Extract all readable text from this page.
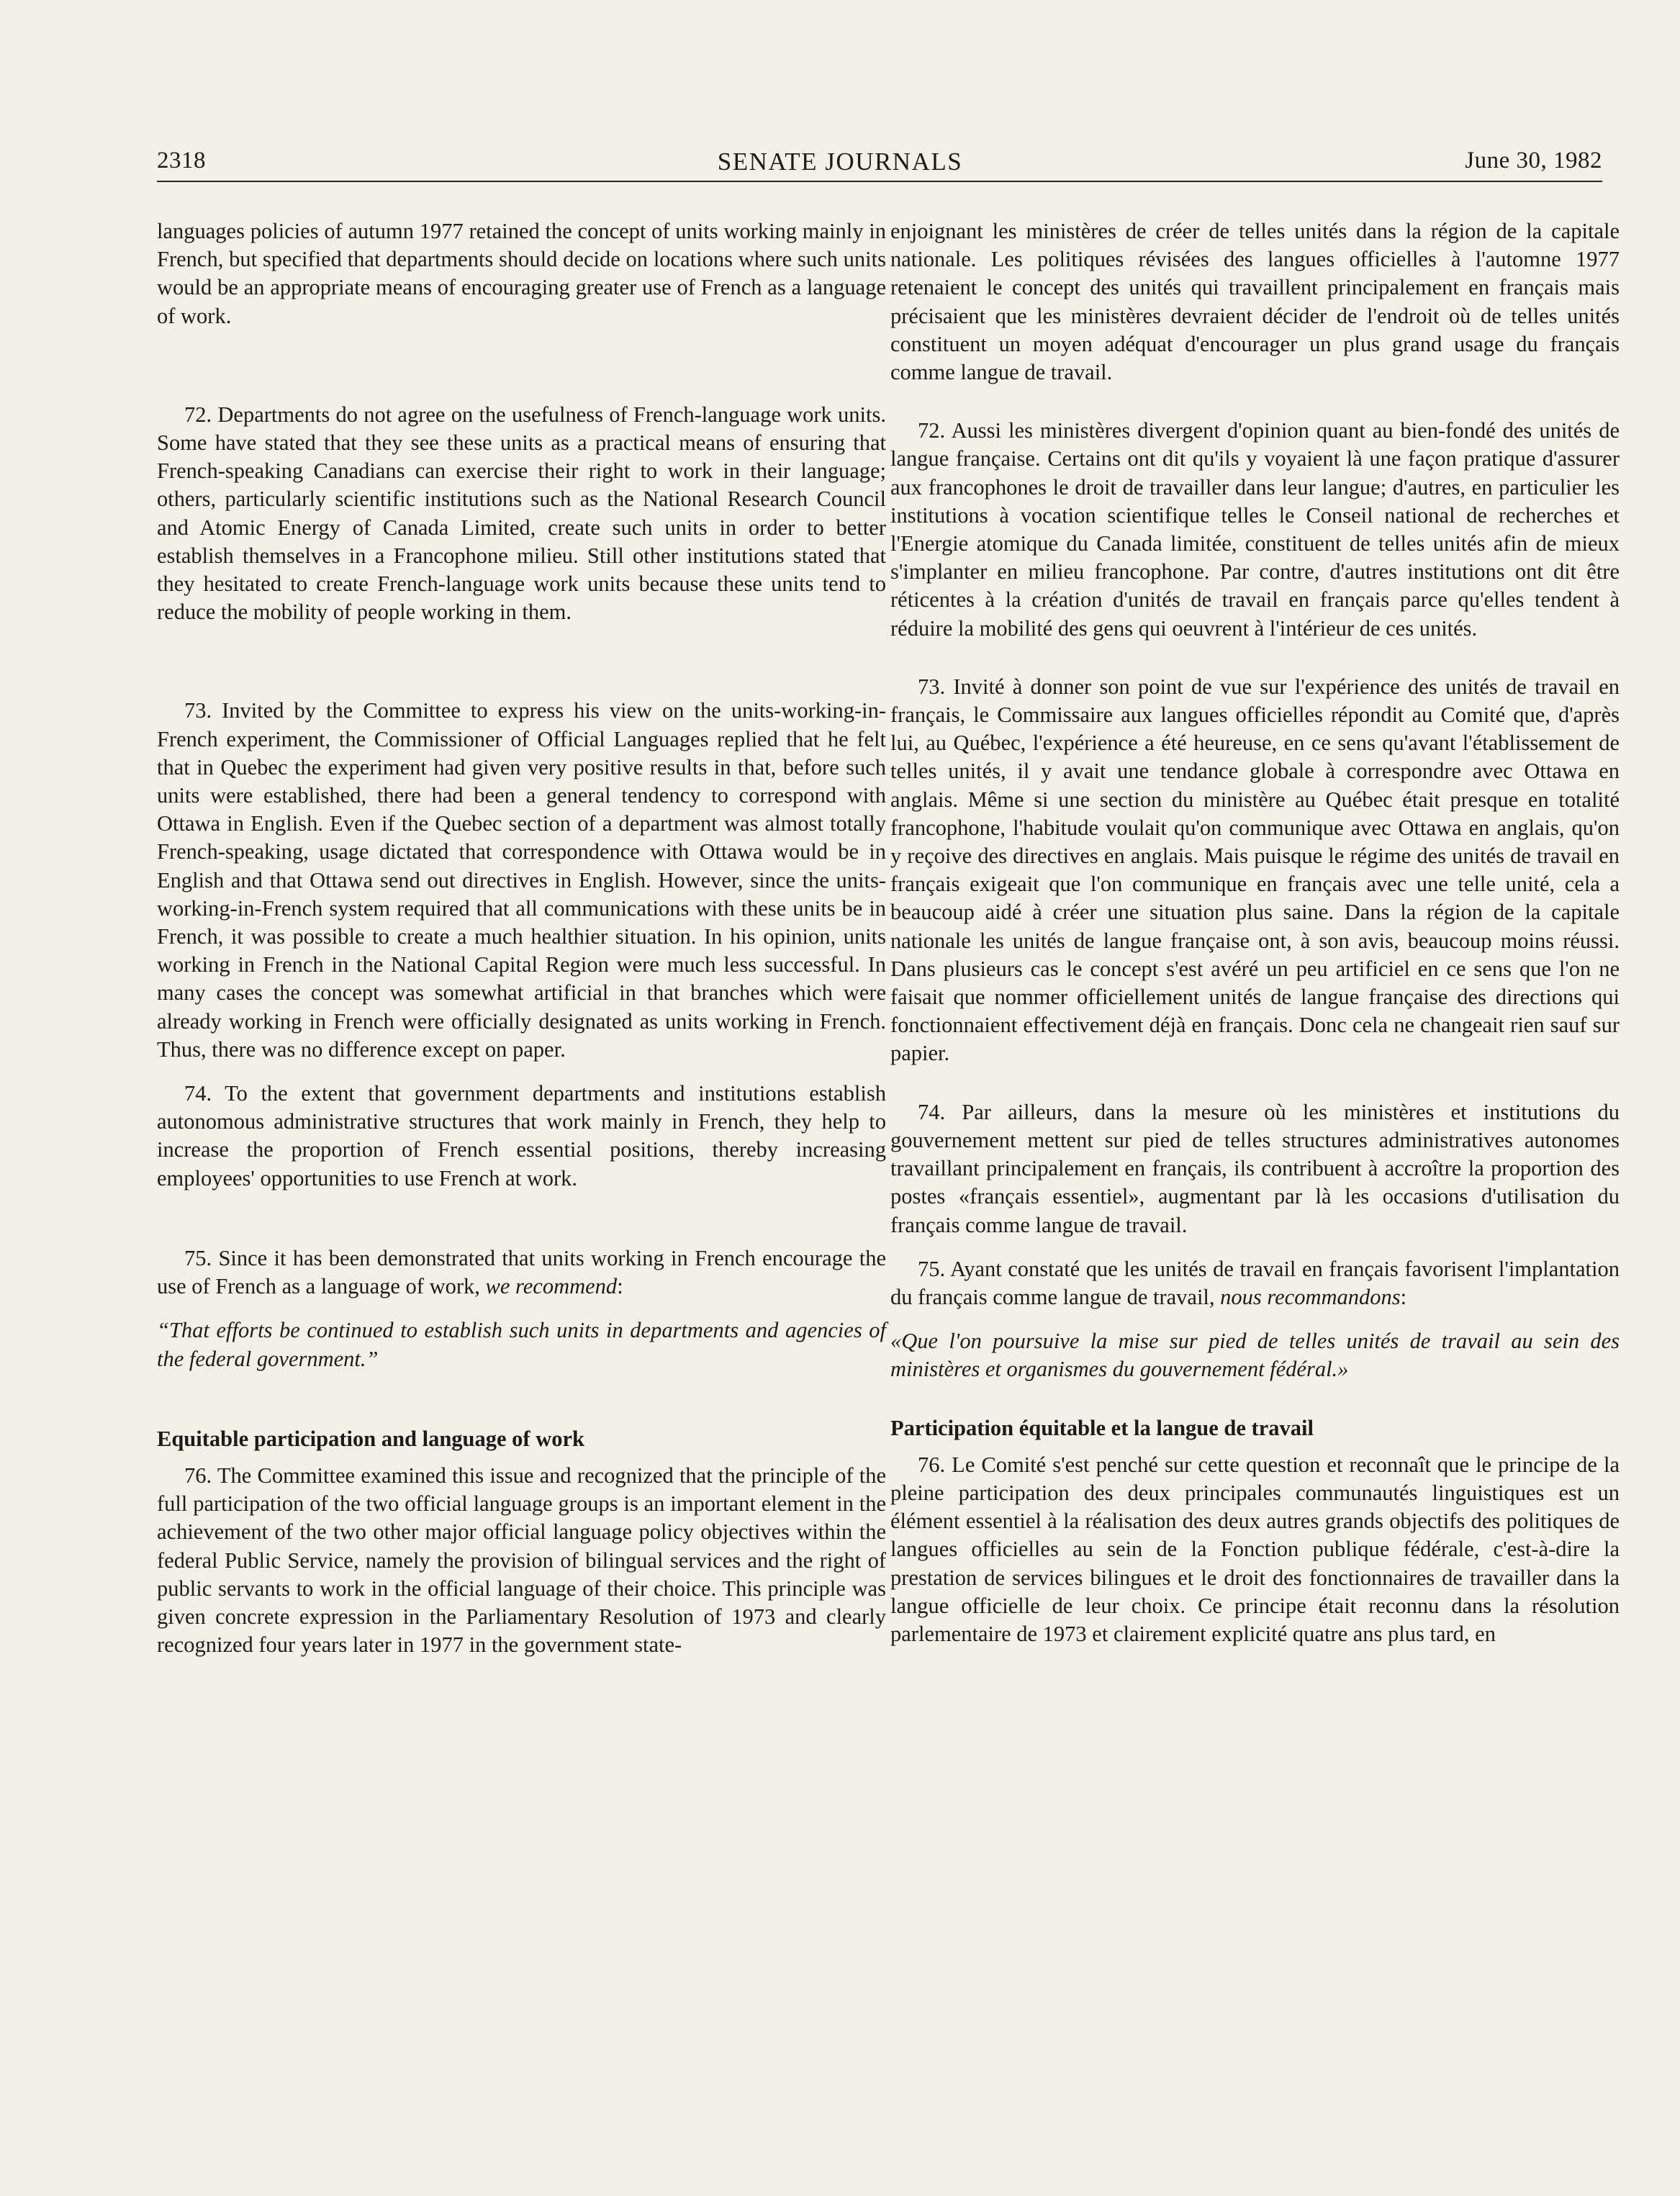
2318	SENATE JOURNALS	June 30, 1982

languages policies of autumn 1977 retained the concept of units working mainly in French, but specified that departments should decide on locations where such units would be an appropriate means of encouraging greater use of French as a language of work.

72. Departments do not agree on the usefulness of French-language work units. Some have stated that they see these units as a practical means of ensuring that French-speaking Canadians can exercise their right to work in their language; others, particularly scientific institutions such as the National Research Council and Atomic Energy of Canada Limited, create such units in order to better establish themselves in a Francophone milieu. Still other institutions stated that they hesitated to create French-language work units because these units tend to reduce the mobility of people working in them.

73. Invited by the Committee to express his view on the units-working-in-French experiment, the Commissioner of Official Languages replied that he felt that in Quebec the experiment had given very positive results in that, before such units were established, there had been a general tendency to correspond with Ottawa in English. Even if the Quebec section of a department was almost totally French-speaking, usage dictated that correspondence with Ottawa would be in English and that Ottawa send out directives in English. However, since the units-working-in-French system required that all communications with these units be in French, it was possible to create a much healthier situation. In his opinion, units working in French in the National Capital Region were much less successful. In many cases the concept was somewhat artificial in that branches which were already working in French were officially designated as units working in French. Thus, there was no difference except on paper.

74. To the extent that government departments and institutions establish autonomous administrative structures that work mainly in French, they help to increase the proportion of French essential positions, thereby increasing employees' opportunities to use French at work.

75. Since it has been demonstrated that units working in French encourage the use of French as a language of work, we recommend:

“That efforts be continued to establish such units in departments and agencies of the federal government.”

Equitable participation and language of work

76. The Committee examined this issue and recognized that the principle of the full participation of the two official language groups is an important element in the achievement of the two other major official language policy objectives within the federal Public Service, namely the provision of bilingual services and the right of public servants to work in the official language of their choice. This principle was given concrete expression in the Parliamentary Resolution of 1973 and clearly recognized four years later in 1977 in the government state-

enjoignant les ministères de créer de telles unités dans la région de la capitale nationale. Les politiques révisées des langues officielles à l'automne 1977 retenaient le concept des unités qui travaillent principalement en français mais précisaient que les ministères devraient décider de l'endroit où de telles unités constituent un moyen adéquat d'encourager un plus grand usage du français comme langue de travail.

72. Aussi les ministères divergent d'opinion quant au bien-fondé des unités de langue française. Certains ont dit qu'ils y voyaient là une façon pratique d'assurer aux francophones le droit de travailler dans leur langue; d'autres, en particulier les institutions à vocation scientifique telles le Conseil national de recherches et l'Energie atomique du Canada limitée, constituent de telles unités afin de mieux s'implanter en milieu francophone. Par contre, d'autres institutions ont dit être réticentes à la création d'unités de travail en français parce qu'elles tendent à réduire la mobilité des gens qui oeuvrent à l'intérieur de ces unités.

73. Invité à donner son point de vue sur l'expérience des unités de travail en français, le Commissaire aux langues officielles répondit au Comité que, d'après lui, au Québec, l'expérience a été heureuse, en ce sens qu'avant l'établissement de telles unités, il y avait une tendance globale à correspondre avec Ottawa en anglais. Même si une section du ministère au Québec était presque en totalité francophone, l'habitude voulait qu'on communique avec Ottawa en anglais, qu'on y reçoive des directives en anglais. Mais puisque le régime des unités de travail en français exigeait que l'on communique en français avec une telle unité, cela a beaucoup aidé à créer une situation plus saine. Dans la région de la capitale nationale les unités de langue française ont, à son avis, beaucoup moins réussi. Dans plusieurs cas le concept s'est avéré un peu artificiel en ce sens que l'on ne faisait que nommer officiellement unités de langue française des directions qui fonctionnaient effectivement déjà en français. Donc cela ne changeait rien sauf sur papier.

74. Par ailleurs, dans la mesure où les ministères et institutions du gouvernement mettent sur pied de telles structures administratives autonomes travaillant principalement en français, ils contribuent à accroître la proportion des postes «français essentiel», augmentant par là les occasions d'utilisation du français comme langue de travail.

75. Ayant constaté que les unités de travail en français favorisent l'implantation du français comme langue de travail, nous recommandons:

«Que l'on poursuive la mise sur pied de telles unités de travail au sein des ministères et organismes du gouvernement fédéral.»

Participation équitable et la langue de travail

76. Le Comité s'est penché sur cette question et reconnaît que le principe de la pleine participation des deux principales communautés linguistiques est un élément essentiel à la réalisation des deux autres grands objectifs des politiques de langues officielles au sein de la Fonction publique fédérale, c'est-à-dire la prestation de services bilingues et le droit des fonctionnaires de travailler dans la langue officielle de leur choix. Ce principe était reconnu dans la résolution parlementaire de 1973 et clairement explicité quatre ans plus tard, en
